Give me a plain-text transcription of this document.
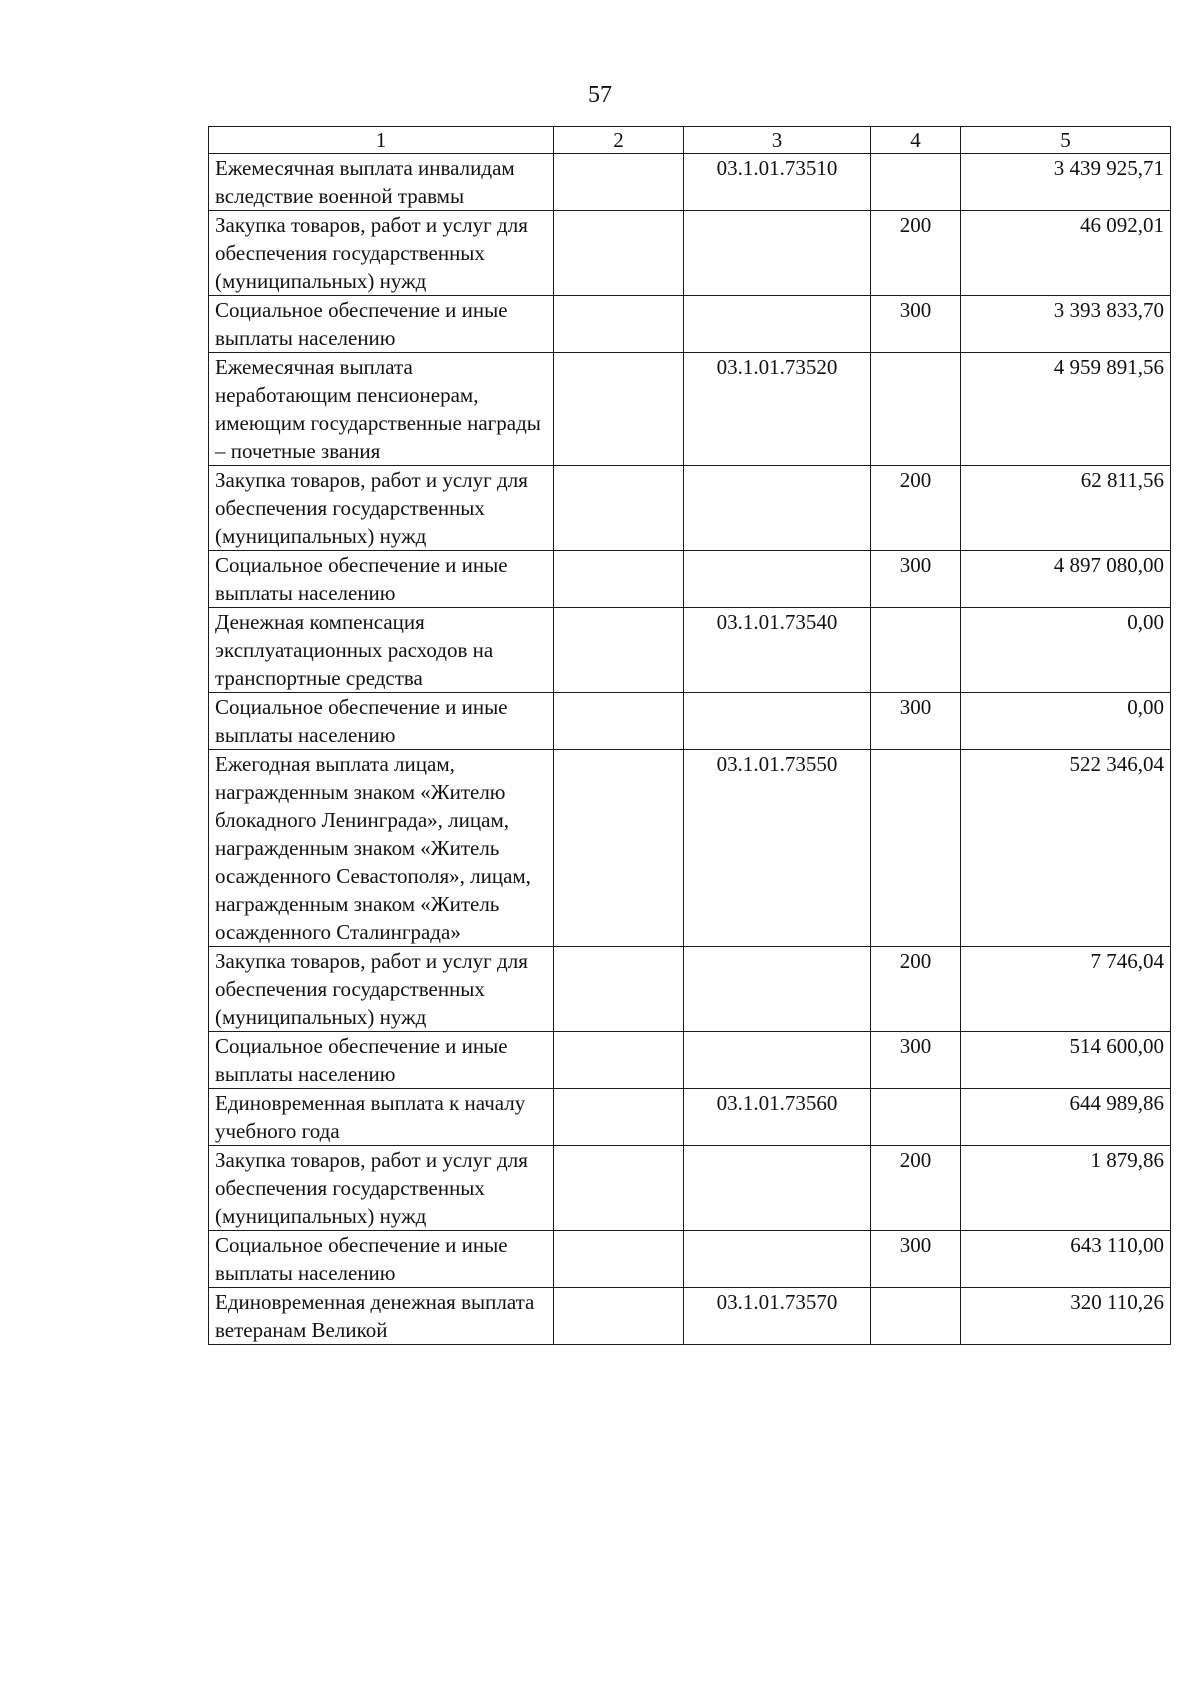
57
1	2	3	4	5
Ежемесячная выплата инвалидам вследствие военной травмы		03.1.01.73510		3 439 925,71
Закупка товаров, работ и услуг для обеспечения государственных (муниципальных) нужд			200	46 092,01
Социальное обеспечение и иные выплаты населению			300	3 393 833,70
Ежемесячная выплата неработающим пенсионерам, имеющим государственные награды – почетные звания		03.1.01.73520		4 959 891,56
Закупка товаров, работ и услуг для обеспечения государственных (муниципальных) нужд			200	62 811,56
Социальное обеспечение и иные выплаты населению			300	4 897 080,00
Денежная компенсация эксплуатационных расходов на транспортные средства		03.1.01.73540		0,00
Социальное обеспечение и иные выплаты населению			300	0,00
Ежегодная выплата лицам, награжденным знаком «Жителю блокадного Ленинграда», лицам, награжденным знаком «Житель осажденного Севастополя», лицам, награжденным знаком «Житель осажденного Сталинграда»		03.1.01.73550		522 346,04
Закупка товаров, работ и услуг для обеспечения государственных (муниципальных) нужд			200	7 746,04
Социальное обеспечение и иные выплаты населению			300	514 600,00
Единовременная выплата к началу учебного года		03.1.01.73560		644 989,86
Закупка товаров, работ и услуг для обеспечения государственных (муниципальных) нужд			200	1 879,86
Социальное обеспечение и иные выплаты населению			300	643 110,00
Единовременная денежная выплата ветеранам Великой		03.1.01.73570		320 110,26
